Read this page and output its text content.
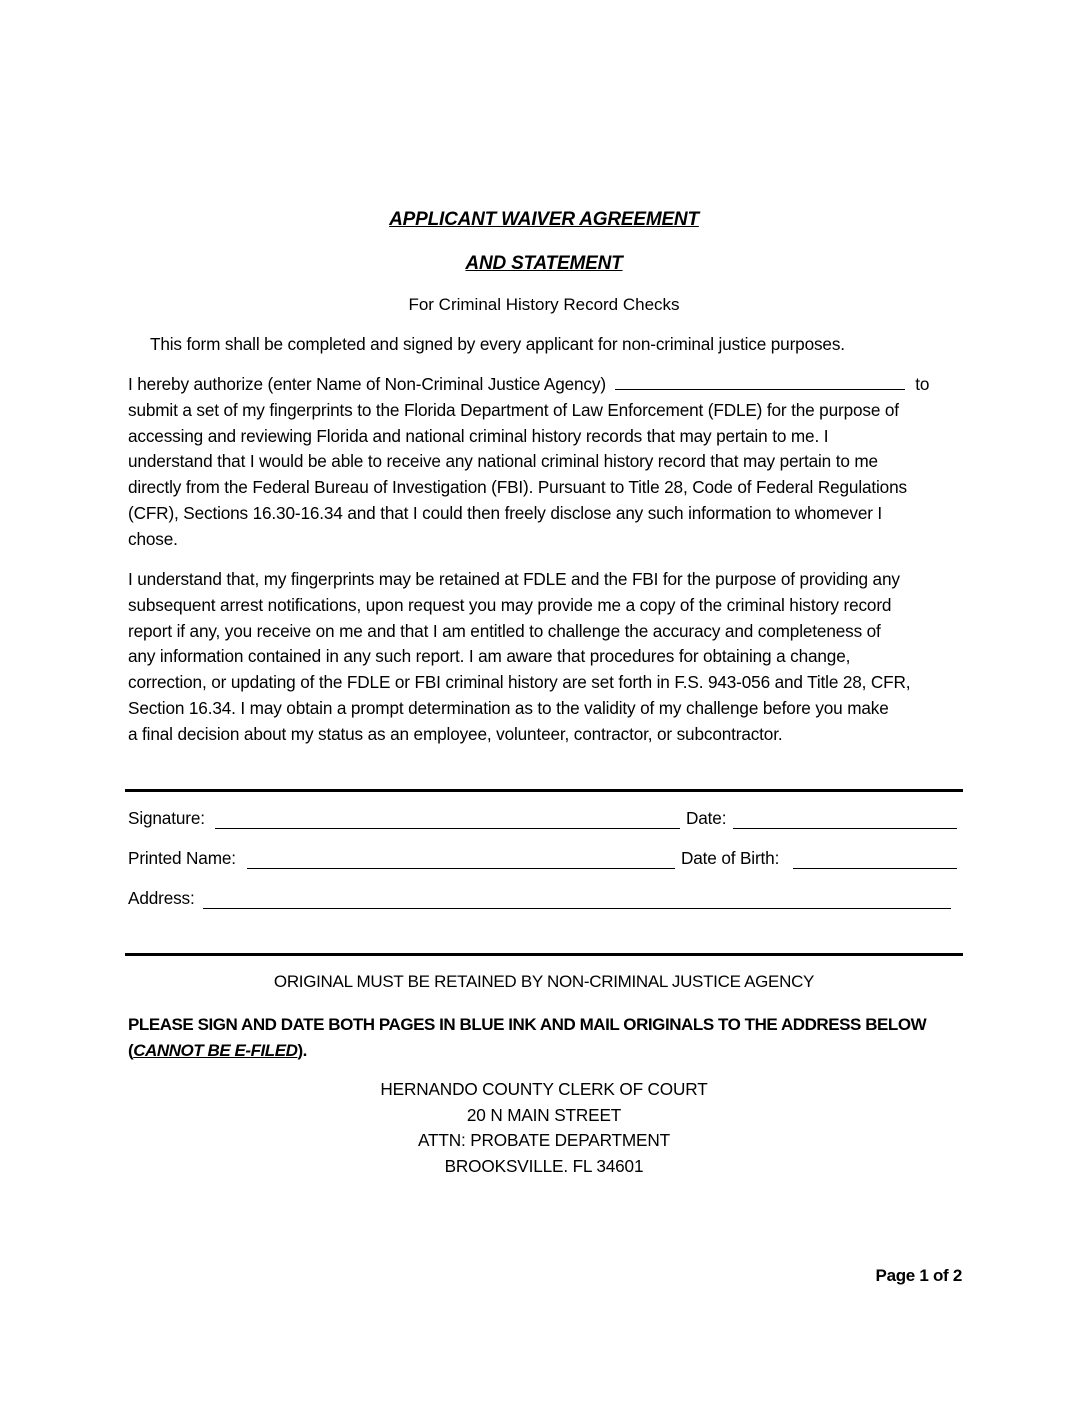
APPLICANT WAIVER AGREEMENT
AND STATEMENT
For Criminal History Record Checks
This form shall be completed and signed by every applicant for non-criminal justice purposes.
I hereby authorize (enter Name of Non-Criminal Justice Agency)	to
submit a set of my fingerprints to the Florida Department of Law Enforcement (FDLE) for the purpose of
accessing and reviewing Florida and national criminal history records that may pertain to me. I
understand that I would be able to receive any national criminal history record that may pertain to me
directly from the Federal Bureau of Investigation (FBI). Pursuant to Title 28, Code of Federal Regulations
(CFR), Sections 16.30-16.34 and that I could then freely disclose any such information to whomever I
chose.
I understand that, my fingerprints may be retained at FDLE and the FBI for the purpose of providing any
subsequent arrest notifications, upon request you may provide me a copy of the criminal history record
report if any, you receive on me and that I am entitled to challenge the accuracy and completeness of
any information contained in any such report. I am aware that procedures for obtaining a change,
correction, or updating of the FDLE or FBI criminal history are set forth in F.S. 943-056 and Title 28, CFR,
Section 16.34. I may obtain a prompt determination as to the validity of my challenge before you make
a final decision about my status as an employee, volunteer, contractor, or subcontractor.
Signature:	Date:
Printed Name:	Date of Birth:
Address:
ORIGINAL MUST BE RETAINED BY NON-CRIMINAL JUSTICE AGENCY
PLEASE SIGN AND DATE BOTH PAGES IN BLUE INK AND MAIL ORIGINALS TO THE ADDRESS BELOW
(CANNOT BE E-FILED).
HERNANDO COUNTY CLERK OF COURT
20 N MAIN STREET
ATTN: PROBATE DEPARTMENT
BROOKSVILLE. FL 34601
Page 1 of 2
